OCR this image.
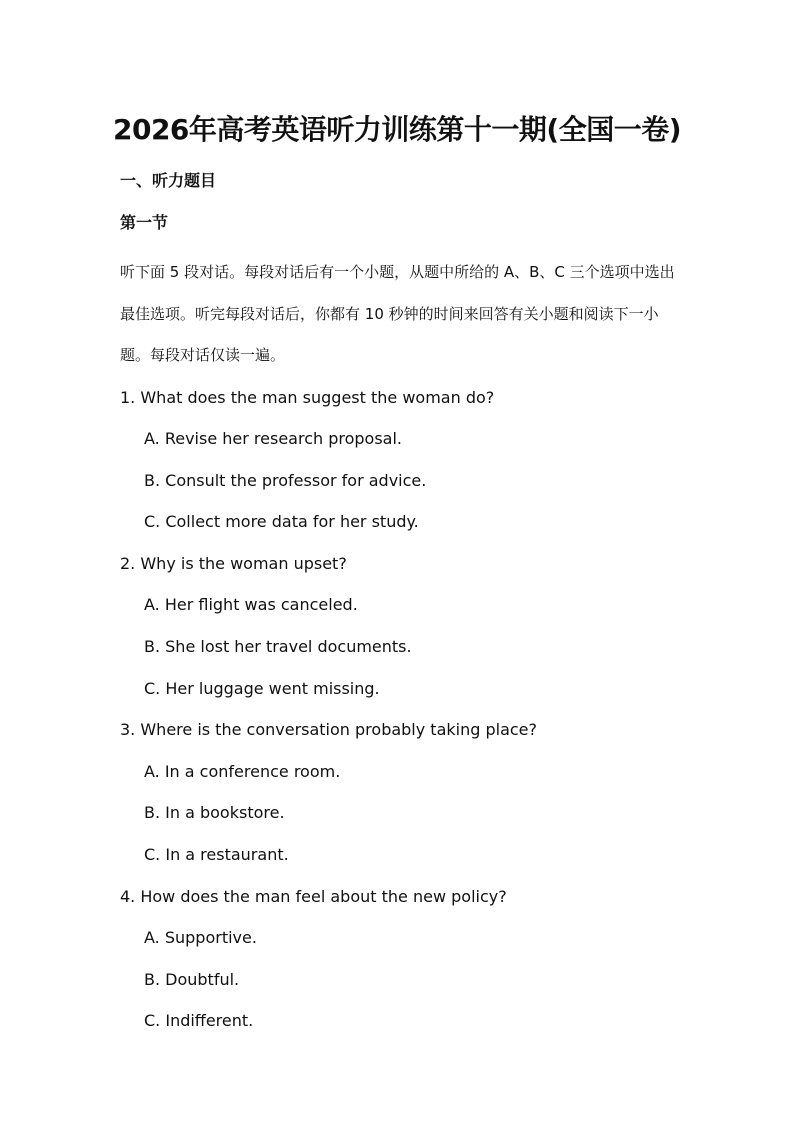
2026年高考英语听力训练第十一期(全国一卷)
一、听力题目
第一节
听下面 5 段对话。每段对话后有一个小题，从题中所给的 A、B、C 三个选项中选出最佳选项。听完每段对话后，你都有 10 秒钟的时间来回答有关小题和阅读下一小题。每段对话仅读一遍。
1. What does the man suggest the woman do?
A. Revise her research proposal.
B. Consult the professor for advice.
C. Collect more data for her study.
2. Why is the woman upset?
A. Her flight was canceled.
B. She lost her travel documents.
C. Her luggage went missing.
3. Where is the conversation probably taking place?
A. In a conference room.
B. In a bookstore.
C. In a restaurant.
4. How does the man feel about the new policy?
A. Supportive.
B. Doubtful.
C. Indifferent.
